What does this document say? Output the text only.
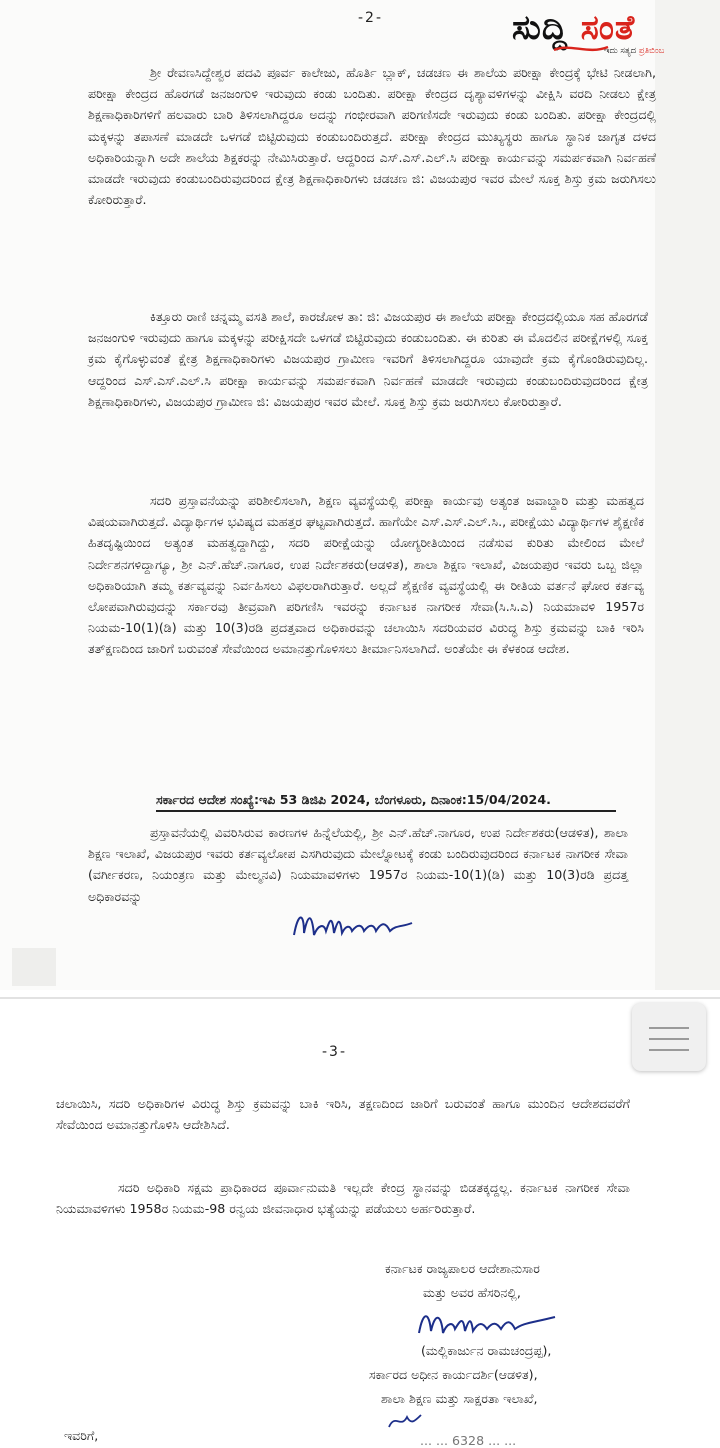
-2-	ಸುದ್ದಿ ಸಂತೆ
ಇದು ಸತ್ಯದ ಪ್ರತಿಬಿಂಬ

ಶ್ರೀ ರೇವಣಸಿದ್ದೇಶ್ವರ ಪದವಿ ಪೂರ್ವ ಕಾಲೇಜು, ಹೊರ್ತಿ ಬ್ಲಾಕ್, ಚಡಚಣ ಈ ಶಾಲೆಯ ಪರೀಕ್ಷಾ ಕೇಂದ್ರಕ್ಕೆ ಭೇಟಿ ನೀಡಲಾಗಿ, ಪರೀಕ್ಷಾ ಕೇಂದ್ರದ ಹೊರಗಡೆ ಜನಜಂಗುಳಿ ಇರುವುದು ಕಂಡು ಬಂದಿತು. ಪರೀಕ್ಷಾ ಕೇಂದ್ರದ ದೃಶ್ಯಾವಳಿಗಳನ್ನು ವೀಕ್ಷಿಸಿ ವರದಿ ನೀಡಲು ಕ್ಷೇತ್ರ ಶಿಕ್ಷಣಾಧಿಕಾರಿಗಳಿಗೆ ಹಲವಾರು ಬಾರಿ ತಿಳಿಸಲಾಗಿದ್ದರೂ ಅದನ್ನು ಗಂಭೀರವಾಗಿ ಪರಿಗಣಿಸದೇ ಇರುವುದು ಕಂಡು ಬಂದಿತು. ಪರೀಕ್ಷಾ ಕೇಂದ್ರದಲ್ಲಿ ಮಕ್ಕಳನ್ನು ತಪಾಸಣೆ ಮಾಡದೇ ಒಳಗಡೆ ಬಿಟ್ಟಿರುವುದು ಕಂಡುಬಂದಿರುತ್ತದೆ. ಪರೀಕ್ಷಾ ಕೇಂದ್ರದ ಮುಖ್ಯಸ್ಥರು ಹಾಗೂ ಸ್ಥಾನಿಕ ಜಾಗೃತ ದಳದ ಅಧಿಕಾರಿಯನ್ನಾಗಿ ಅದೇ ಶಾಲೆಯ ಶಿಕ್ಷಕರನ್ನು ನೇಮಿಸಿರುತ್ತಾರೆ. ಆದ್ದರಿಂದ ಎಸ್.ಎಸ್.ಎಲ್.ಸಿ ಪರೀಕ್ಷಾ ಕಾರ್ಯವನ್ನು ಸಮರ್ಪಕವಾಗಿ ನಿರ್ವಹಣೆ ಮಾಡದೇ ಇರುವುದು ಕಂಡುಬಂದಿರುವುದರಿಂದ ಕ್ಷೇತ್ರ ಶಿಕ್ಷಣಾಧಿಕಾರಿಗಳು ಚಡಚಣ ಜಿ: ವಿಜಯಪುರ ಇವರ ಮೇಲೆ ಸೂಕ್ತ ಶಿಸ್ತು ಕ್ರಮ ಜರುಗಿಸಲು ಕೋರಿರುತ್ತಾರೆ.

ಕಿತ್ತೂರು ರಾಣಿ ಚನ್ನಮ್ಮ ವಸತಿ ಶಾಲೆ, ಕಾರಜೋಳ ತಾ: ಜಿ: ವಿಜಯಪುರ ಈ ಶಾಲೆಯ ಪರೀಕ್ಷಾ ಕೇಂದ್ರದಲ್ಲಿಯೂ ಸಹ ಹೊರಗಡೆ ಜನಜಂಗುಳಿ ಇರುವುದು ಹಾಗೂ ಮಕ್ಕಳನ್ನು ಪರೀಕ್ಷಿಸದೇ ಒಳಗಡೆ ಬಿಟ್ಟಿರುವುದು ಕಂಡುಬಂದಿತು. ಈ ಕುರಿತು ಈ ಮೊದಲಿನ ಪರೀಕ್ಷೆಗಳಲ್ಲಿ ಸೂಕ್ತ ಕ್ರಮ ಕೈಗೊಳ್ಳುವಂತೆ ಕ್ಷೇತ್ರ ಶಿಕ್ಷಣಾಧಿಕಾರಿಗಳು ವಿಜಯಪುರ ಗ್ರಾಮೀಣ ಇವರಿಗೆ ತಿಳಿಸಲಾಗಿದ್ದರೂ ಯಾವುದೇ ಕ್ರಮ ಕೈಗೊಂಡಿರುವುದಿಲ್ಲ. ಆದ್ದರಿಂದ ಎಸ್.ಎಸ್.ಎಲ್.ಸಿ ಪರೀಕ್ಷಾ ಕಾರ್ಯವನ್ನು ಸಮರ್ಪಕವಾಗಿ ನಿರ್ವಹಣೆ ಮಾಡದೇ ಇರುವುದು ಕಂಡುಬಂದಿರುವುದರಿಂದ ಕ್ಷೇತ್ರ ಶಿಕ್ಷಣಾಧಿಕಾರಿಗಳು, ವಿಜಯಪುರ ಗ್ರಾಮೀಣ ಜಿ: ವಿಜಯಪುರ ಇವರ ಮೇಲೆ. ಸೂಕ್ತ ಶಿಸ್ತು ಕ್ರಮ ಜರುಗಿಸಲು ಕೋರಿರುತ್ತಾರೆ.

ಸದರಿ ಪ್ರಸ್ತಾವನೆಯನ್ನು ಪರಿಶೀಲಿಸಲಾಗಿ, ಶಿಕ್ಷಣ ವ್ಯವಸ್ಥೆಯಲ್ಲಿ ಪರೀಕ್ಷಾ ಕಾರ್ಯವು ಅತ್ಯಂತ ಜವಾಬ್ದಾರಿ ಮತ್ತು ಮಹತ್ವದ ವಿಷಯವಾಗಿರುತ್ತದೆ. ವಿದ್ಯಾರ್ಥಿಗಳ ಭವಿಷ್ಯದ ಮಹತ್ತರ ಘಟ್ಟವಾಗಿರುತ್ತದೆ. ಹಾಗೆಯೇ ಎಸ್.ಎಸ್.ಎಲ್.ಸಿ., ಪರೀಕ್ಷೆಯು ವಿದ್ಯಾರ್ಥಿಗಳ ಶೈಕ್ಷಣಿಕ ಹಿತದೃಷ್ಟಿಯಿಂದ ಅತ್ಯಂತ ಮಹತ್ವದ್ದಾಗಿದ್ದು, ಸದರಿ ಪರೀಕ್ಷೆಯನ್ನು ಯೋಗ್ಯರೀತಿಯಿಂದ ನಡೆಸುವ ಕುರಿತು ಮೇಲಿಂದ ಮೇಲೆ ನಿರ್ದೇಶನಗಳಿದ್ದಾಗ್ಯೂ, ಶ್ರೀ ಎನ್.ಹೆಚ್.ನಾಗೂರ, ಉಪ ನಿರ್ದೇಶಕರು(ಆಡಳಿತ), ಶಾಲಾ ಶಿಕ್ಷಣ ಇಲಾಖೆ, ವಿಜಯಪುರ ಇವರು ಒಬ್ಬ ಜಿಲ್ಲಾ ಅಧಿಕಾರಿಯಾಗಿ ತಮ್ಮ ಕರ್ತವ್ಯವನ್ನು ನಿರ್ವಹಿಸಲು ವಿಫಲರಾಗಿರುತ್ತಾರೆ. ಅಲ್ಲದೆ ಶೈಕ್ಷಣಿಕ ವ್ಯವಸ್ಥೆಯಲ್ಲಿ ಈ ರೀತಿಯ ವರ್ತನೆ ಘೋರ ಕರ್ತವ್ಯ ಲೋಪವಾಗಿರುವುದನ್ನು ಸರ್ಕಾರವು ತೀವ್ರವಾಗಿ ಪರಿಗಣಿಸಿ ಇವರನ್ನು ಕರ್ನಾಟಕ ನಾಗರೀಕ ಸೇವಾ(ಸಿ.ಸಿ.ಎ) ನಿಯಮಾವಳಿ 1957ರ ನಿಯಮ-10(1)(ಡಿ) ಮತ್ತು 10(3)ರಡಿ ಪ್ರದತ್ತವಾದ ಅಧಿಕಾರವನ್ನು ಚಲಾಯಿಸಿ ಸದರಿಯವರ ವಿರುದ್ಧ ಶಿಸ್ತು ಕ್ರಮವನ್ನು ಬಾಕಿ ಇರಿಸಿ ತತ್‌ಕ್ಷಣದಿಂದ ಜಾರಿಗೆ ಬರುವಂತೆ ಸೇವೆಯಿಂದ ಅಮಾನತ್ತುಗೊಳಿಸಲು ತೀರ್ಮಾನಿಸಲಾಗಿದೆ. ಅಂತೆಯೇ ಈ ಕೆಳಕಂಡ ಆದೇಶ.

ಸರ್ಕಾರದ ಆದೇಶ ಸಂಖ್ಯೆ:ಇಪಿ 53 ಡಿಜಿಪಿ 2024, ಬೆಂಗಳೂರು, ದಿನಾಂಕ:15/04/2024.

ಪ್ರಸ್ತಾವನೆಯಲ್ಲಿ ವಿವರಿಸಿರುವ ಕಾರಣಗಳ ಹಿನ್ನೆಲೆಯಲ್ಲಿ, ಶ್ರೀ ಎನ್.ಹೆಚ್.ನಾಗೂರ, ಉಪ ನಿರ್ದೇಶಕರು(ಆಡಳಿತ), ಶಾಲಾ ಶಿಕ್ಷಣ ಇಲಾಖೆ, ವಿಜಯಪುರ ಇವರು ಕರ್ತವ್ಯಲೋಪ ಎಸಗಿರುವುದು ಮೇಲ್ನೋಟಕ್ಕೆ ಕಂಡು ಬಂದಿರುವುದರಿಂದ ಕರ್ನಾಟಕ ನಾಗರೀಕ ಸೇವಾ (ವರ್ಗೀಕರಣ, ನಿಯಂತ್ರಣ ಮತ್ತು ಮೇಲ್ಮನವಿ) ನಿಯಮಾವಳಿಗಳು 1957ರ ನಿಯಮ-10(1)(ಡಿ) ಮತ್ತು 10(3)ರಡಿ ಪ್ರದತ್ತ ಅಧಿಕಾರವನ್ನು

-3-

ಚಲಾಯಿಸಿ, ಸದರಿ ಅಧಿಕಾರಿಗಳ ವಿರುದ್ಧ ಶಿಸ್ತು ಕ್ರಮವನ್ನು ಬಾಕಿ ಇರಿಸಿ, ತಕ್ಷಣದಿಂದ ಜಾರಿಗೆ ಬರುವಂತೆ ಹಾಗೂ ಮುಂದಿನ ಆದೇಶದವರೆಗೆ ಸೇವೆಯಿಂದ ಅಮಾನತ್ತುಗೊಳಿಸಿ ಆದೇಶಿಸಿದೆ.

ಸದರಿ ಅಧಿಕಾರಿ ಸಕ್ಷಮ ಪ್ರಾಧಿಕಾರದ ಪೂರ್ವಾನುಮತಿ ಇಲ್ಲದೇ ಕೇಂದ್ರ ಸ್ಥಾನವನ್ನು ಬಿಡತಕ್ಕದ್ದಲ್ಲ. ಕರ್ನಾಟಕ ನಾಗರೀಕ ಸೇವಾ ನಿಯಮಾವಳಿಗಳು 1958ರ ನಿಯಮ-98 ರನ್ವಯ ಜೀವನಾಧಾರ ಭತ್ಯೆಯನ್ನು ಪಡೆಯಲು ಅರ್ಹರಿರುತ್ತಾರೆ.

ಕರ್ನಾಟಕ ರಾಜ್ಯಪಾಲರ ಆದೇಶಾನುಸಾರ
ಮತ್ತು ಅವರ ಹೆಸರಿನಲ್ಲಿ,
(ಮಲ್ಲಿಕಾರ್ಜುನ ರಾಮಚಂದ್ರಪ್ಪ),
ಸರ್ಕಾರದ ಅಧೀನ ಕಾರ್ಯದರ್ಶಿ(ಆಡಳಿತ),
ಶಾಲಾ ಶಿಕ್ಷಣ ಮತ್ತು ಸಾಕ್ಷರತಾ ಇಲಾಖೆ,
ಇವರಿಗೆ,	... ... 6328 ... ...
